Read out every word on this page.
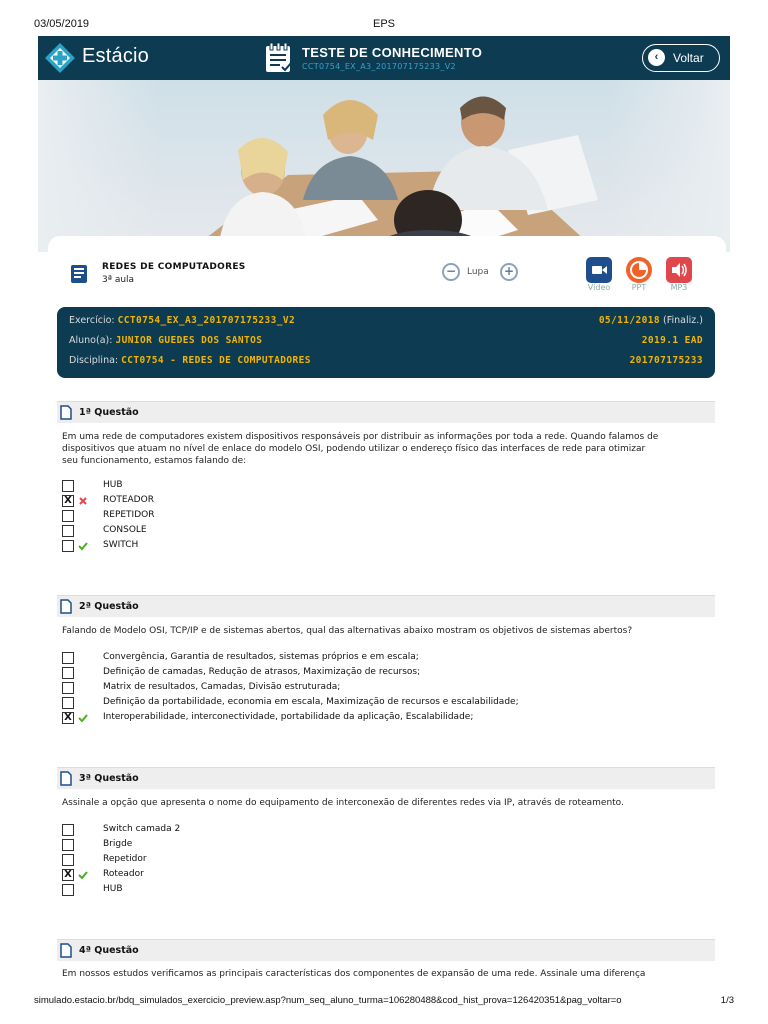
03/05/2019	EPS
Estácio	TESTE DE CONHECIMENTO
CCT0754_EX_A3_201707175233_V2
‹	Voltar
REDES DE COMPUTADORES
3ª aula
−	Lupa	+
Vídeo	PPT	MP3
Exercício: CCT0754_EX_A3_201707175233_V2	05/11/2018 (Finaliz.)
Aluno(a): JUNIOR GUEDES DOS SANTOS	2019.1 EAD
Disciplina: CCT0754 - REDES DE COMPUTADORES	201707175233
1ª Questão
Em uma rede de computadores existem dispositivos responsáveis por distribuir as informações por toda a rede. Quando falamos de
dispositivos que atuam no nível de enlace do modelo OSI, podendo utilizar o endereço físico das interfaces de rede para otimizar
seu funcionamento, estamos falando de:
HUB
X	ROTEADOR
REPETIDOR
CONSOLE
SWITCH
2ª Questão
Falando de Modelo OSI, TCP/IP e de sistemas abertos, qual das alternativas abaixo mostram os objetivos de sistemas abertos?
Convergência, Garantia de resultados, sistemas próprios e em escala;
Definição de camadas, Redução de atrasos, Maximização de recursos;
Matrix de resultados, Camadas, Divisão estruturada;
Definição da portabilidade, economia em escala, Maximização de recursos e escalabilidade;
X	Interoperabilidade, interconectividade, portabilidade da aplicação, Escalabilidade;
3ª Questão
Assinale a opção que apresenta o nome do equipamento de interconexão de diferentes redes via IP, através de roteamento.
Switch camada 2
Brigde
Repetidor
X	Roteador
HUB
4ª Questão
Em nossos estudos verificamos as principais características dos componentes de expansão de uma rede. Assinale uma diferença
simulado.estacio.br/bdq_simulados_exercicio_preview.asp?num_seq_aluno_turma=106280488&cod_hist_prova=126420351&pag_voltar=o	1/3
